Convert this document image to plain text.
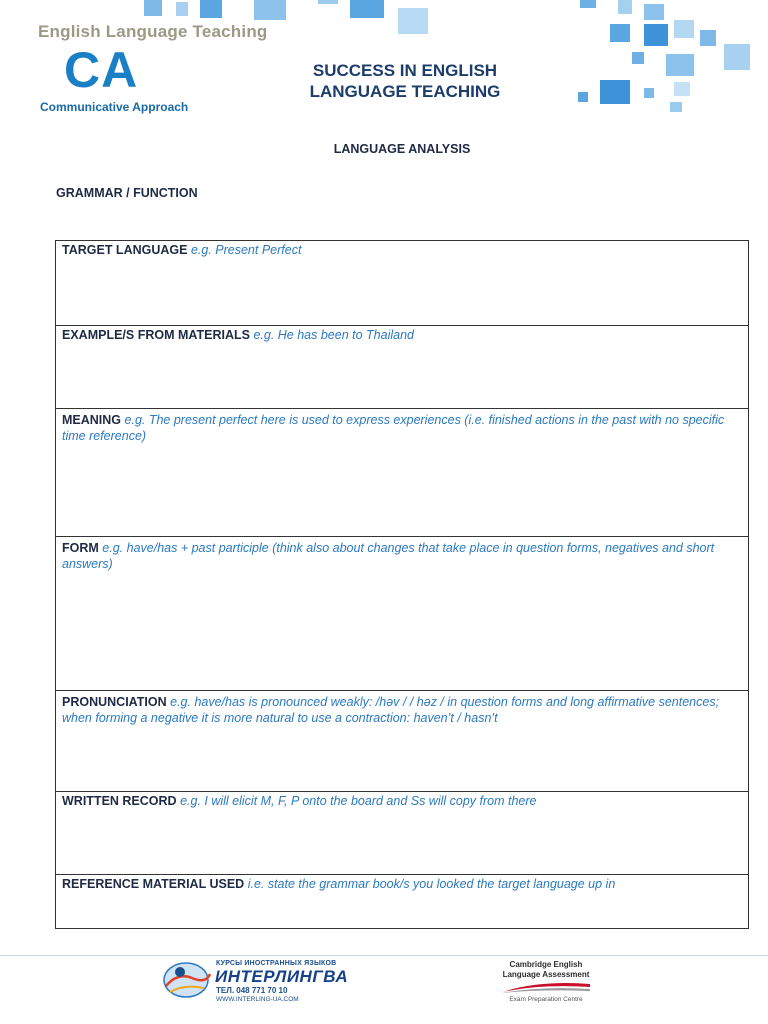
English Language Teaching
CA
Communicative Approach
SUCCESS IN ENGLISH
LANGUAGE TEACHING
LANGUAGE ANALYSIS
GRAMMAR / FUNCTION
TARGET LANGUAGE e.g. Present Perfect
EXAMPLE/S FROM MATERIALS e.g. He has been to Thailand
MEANING e.g. The present perfect here is used to express experiences (i.e. finished actions in the past with no specific time reference)
FORM e.g. have/has + past participle (think also about changes that take place in question forms, negatives and short answers)
PRONUNCIATION e.g. have/has is pronounced weakly: /həv / / həz / in question forms and long affirmative sentences; when forming a negative it is more natural to use a contraction: haven’t / hasn’t
WRITTEN RECORD e.g. I will elicit M, F, P onto the board and Ss will copy from there
REFERENCE MATERIAL USED i.e. state the grammar book/s you looked the target language up in
КУРСЫ ИНОСТРАННЫХ ЯЗЫКОВ
ИНТЕРЛИНГВА
ТЕЛ. 048 771 70 10
WWW.INTERLING-UA.COM
Cambridge English
Language Assessment
Exam Preparation Centre
